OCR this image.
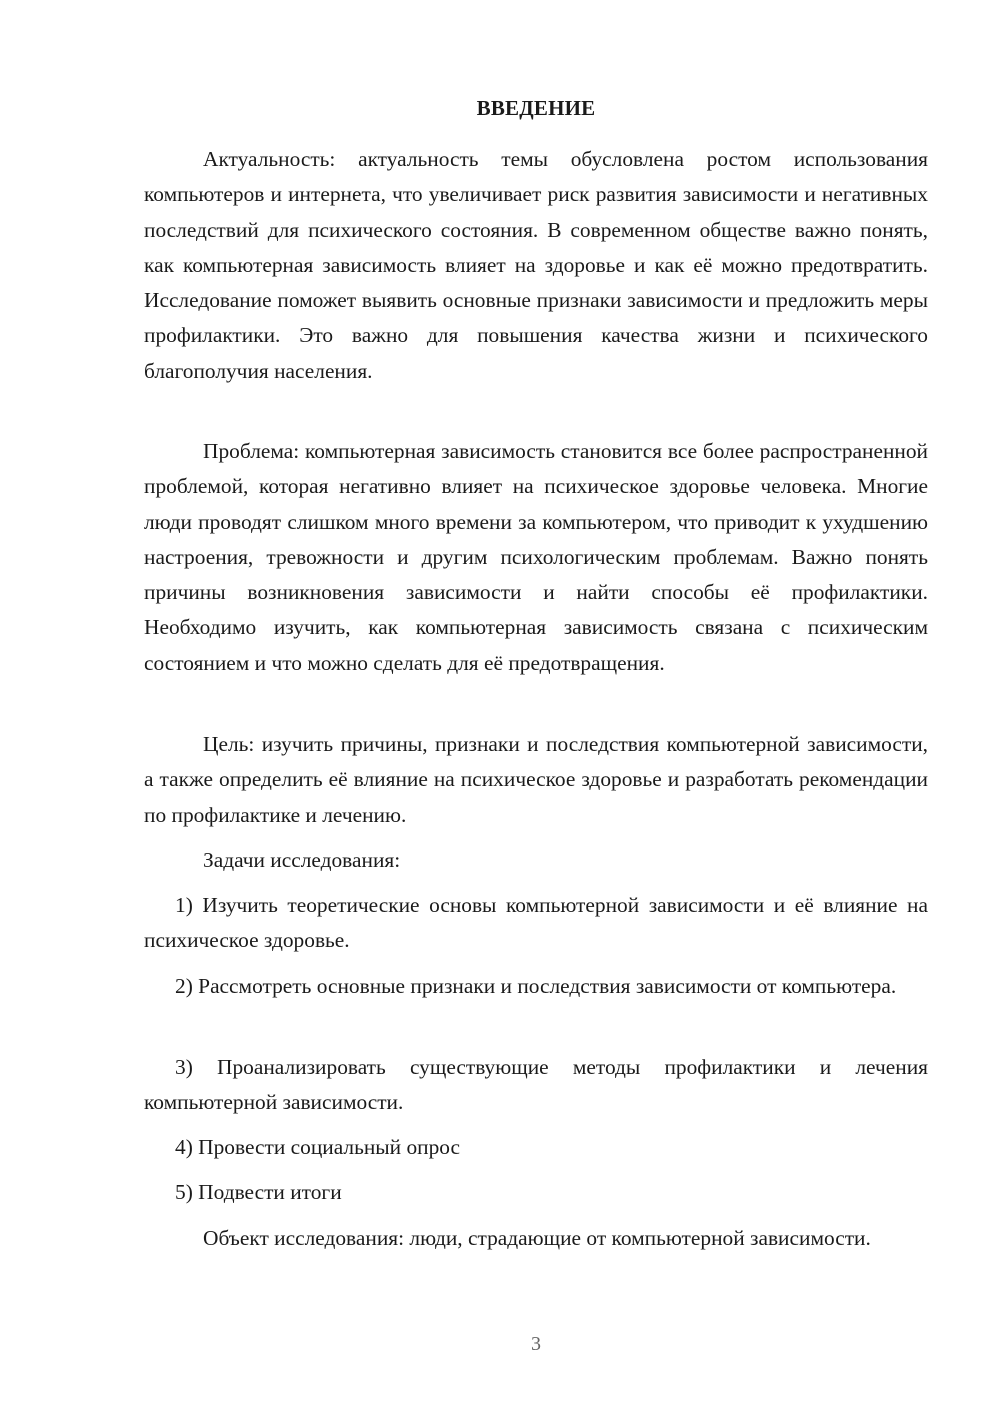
ВВЕДЕНИЕ

Актуальность: актуальность темы обусловлена ростом использования компьютеров и интернета, что увеличивает риск развития зависимости и негативных последствий для психического состояния. В современном обществе важно понять, как компьютерная зависимость влияет на здоровье и как её можно предотвратить. Исследование поможет выявить основные признаки зависимости и предложить меры профилактики. Это важно для повышения качества жизни и психического благополучия населения.

Проблема: компьютерная зависимость становится все более распространенной проблемой, которая негативно влияет на психическое здоровье человека. Многие люди проводят слишком много времени за компьютером, что приводит к ухудшению настроения, тревожности и другим психологическим проблемам. Важно понять причины возникновения зависимости и найти способы её профилактики. Необходимо изучить, как компьютерная зависимость связана с психическим состоянием и что можно сделать для её предотвращения.

Цель: изучить причины, признаки и последствия компьютерной зависимости, а также определить её влияние на психическое здоровье и разработать рекомендации по профилактике и лечению.

Задачи исследования:

1) Изучить теоретические основы компьютерной зависимости и её влияние на психическое здоровье.

2) Рассмотреть основные признаки и последствия зависимости от компьютера.

3) Проанализировать существующие методы профилактики и лечения компьютерной зависимости.

4) Провести социальный опрос

5) Подвести итоги

Объект исследования: люди, страдающие от компьютерной зависимости.

3
